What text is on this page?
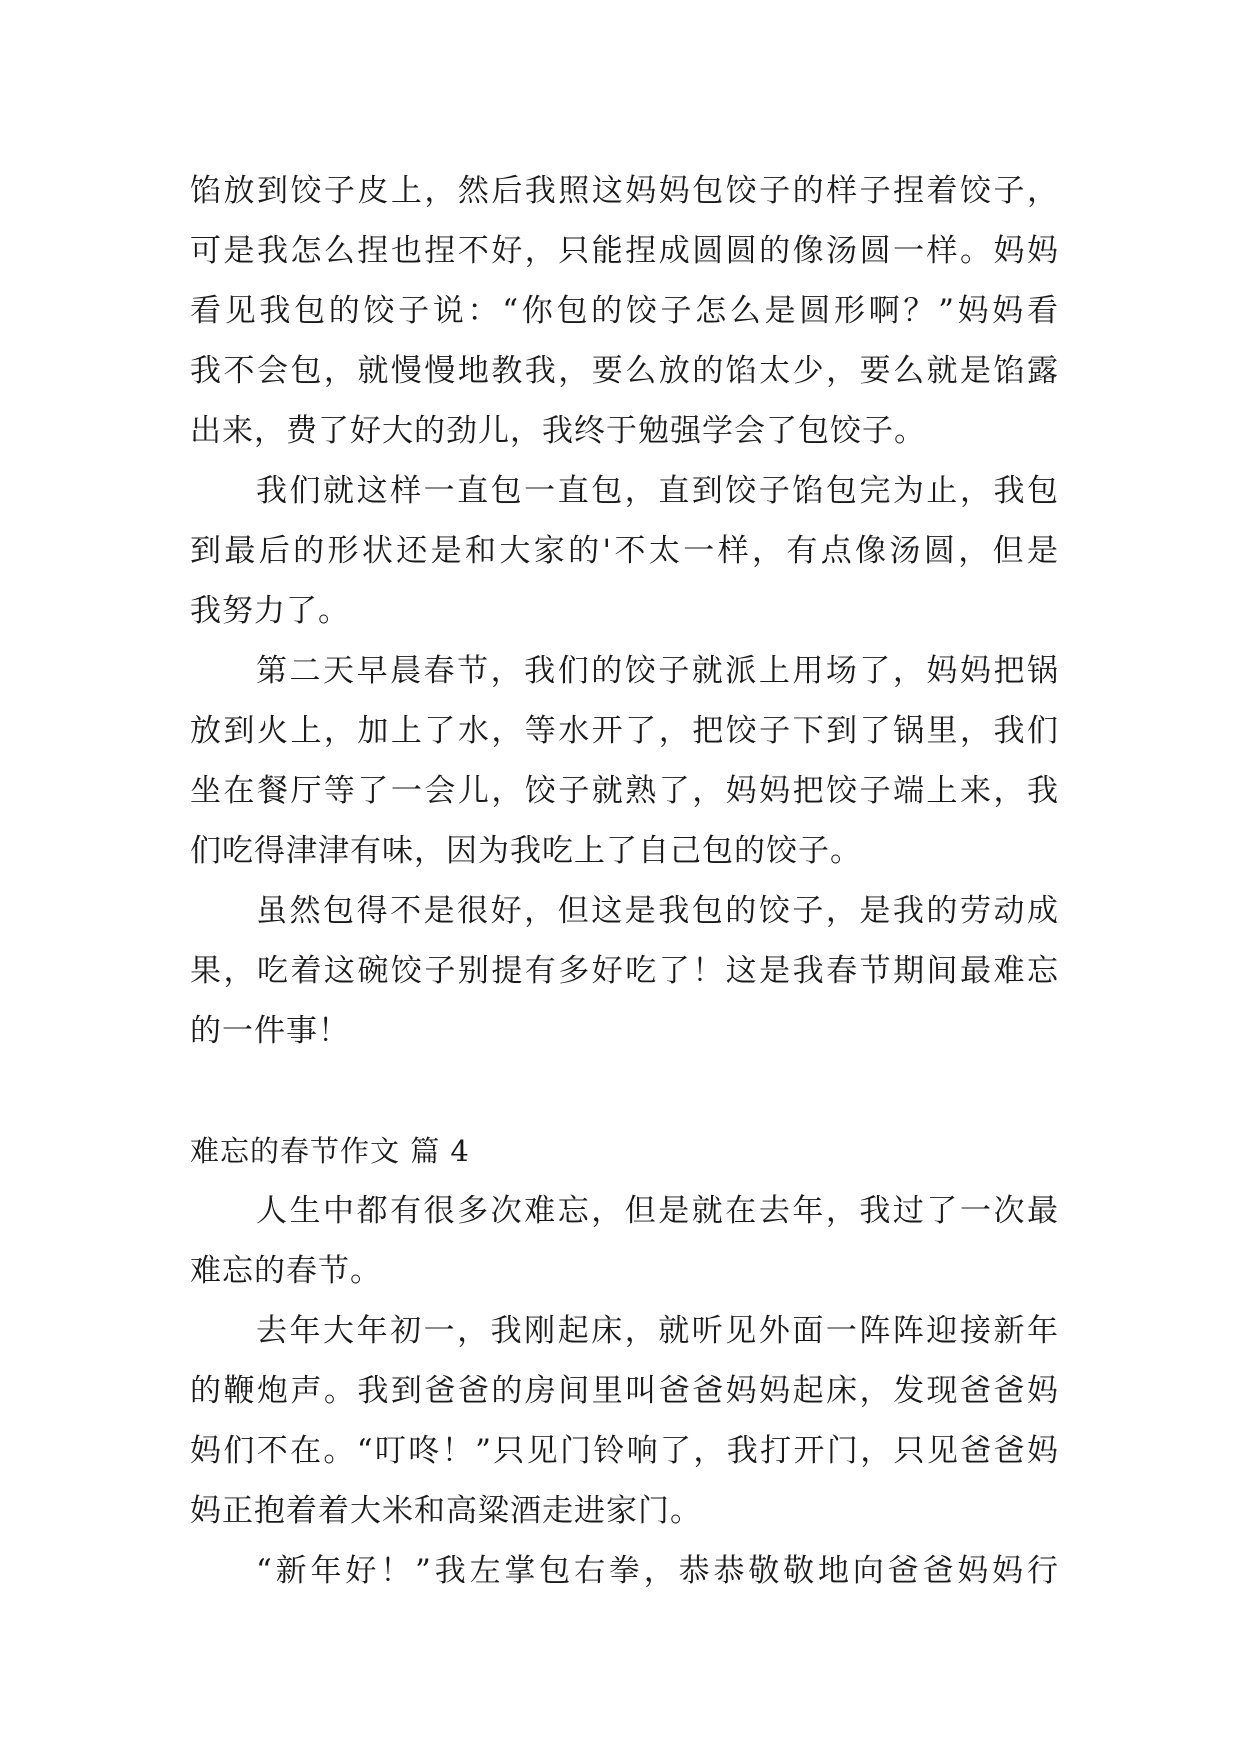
馅放到饺子皮上，然后我照这妈妈包饺子的样子捏着饺子，
可是我怎么捏也捏不好，只能捏成圆圆的像汤圆一样。妈妈
看见我包的饺子说：“你包的饺子怎么是圆形啊？”妈妈看
我不会包，就慢慢地教我，要么放的馅太少，要么就是馅露
出来，费了好大的劲儿，我终于勉强学会了包饺子。
我们就这样一直包一直包，直到饺子馅包完为止，我包
到最后的形状还是和大家的'不太一样，有点像汤圆，但是
我努力了。
第二天早晨春节，我们的饺子就派上用场了，妈妈把锅
放到火上，加上了水，等水开了，把饺子下到了锅里，我们
坐在餐厅等了一会儿，饺子就熟了，妈妈把饺子端上来，我
们吃得津津有味，因为我吃上了自己包的饺子。
虽然包得不是很好，但这是我包的饺子，是我的劳动成
果，吃着这碗饺子别提有多好吃了！这是我春节期间最难忘
的一件事！
难忘的春节作文 篇 4
人生中都有很多次难忘，但是就在去年，我过了一次最
难忘的春节。
去年大年初一，我刚起床，就听见外面一阵阵迎接新年
的鞭炮声。我到爸爸的房间里叫爸爸妈妈起床，发现爸爸妈
妈们不在。“叮咚！”只见门铃响了，我打开门，只见爸爸妈
妈正抱着着大米和高粱酒走进家门。
“新年好！”我左掌包右拳，恭恭敬敬地向爸爸妈妈行
